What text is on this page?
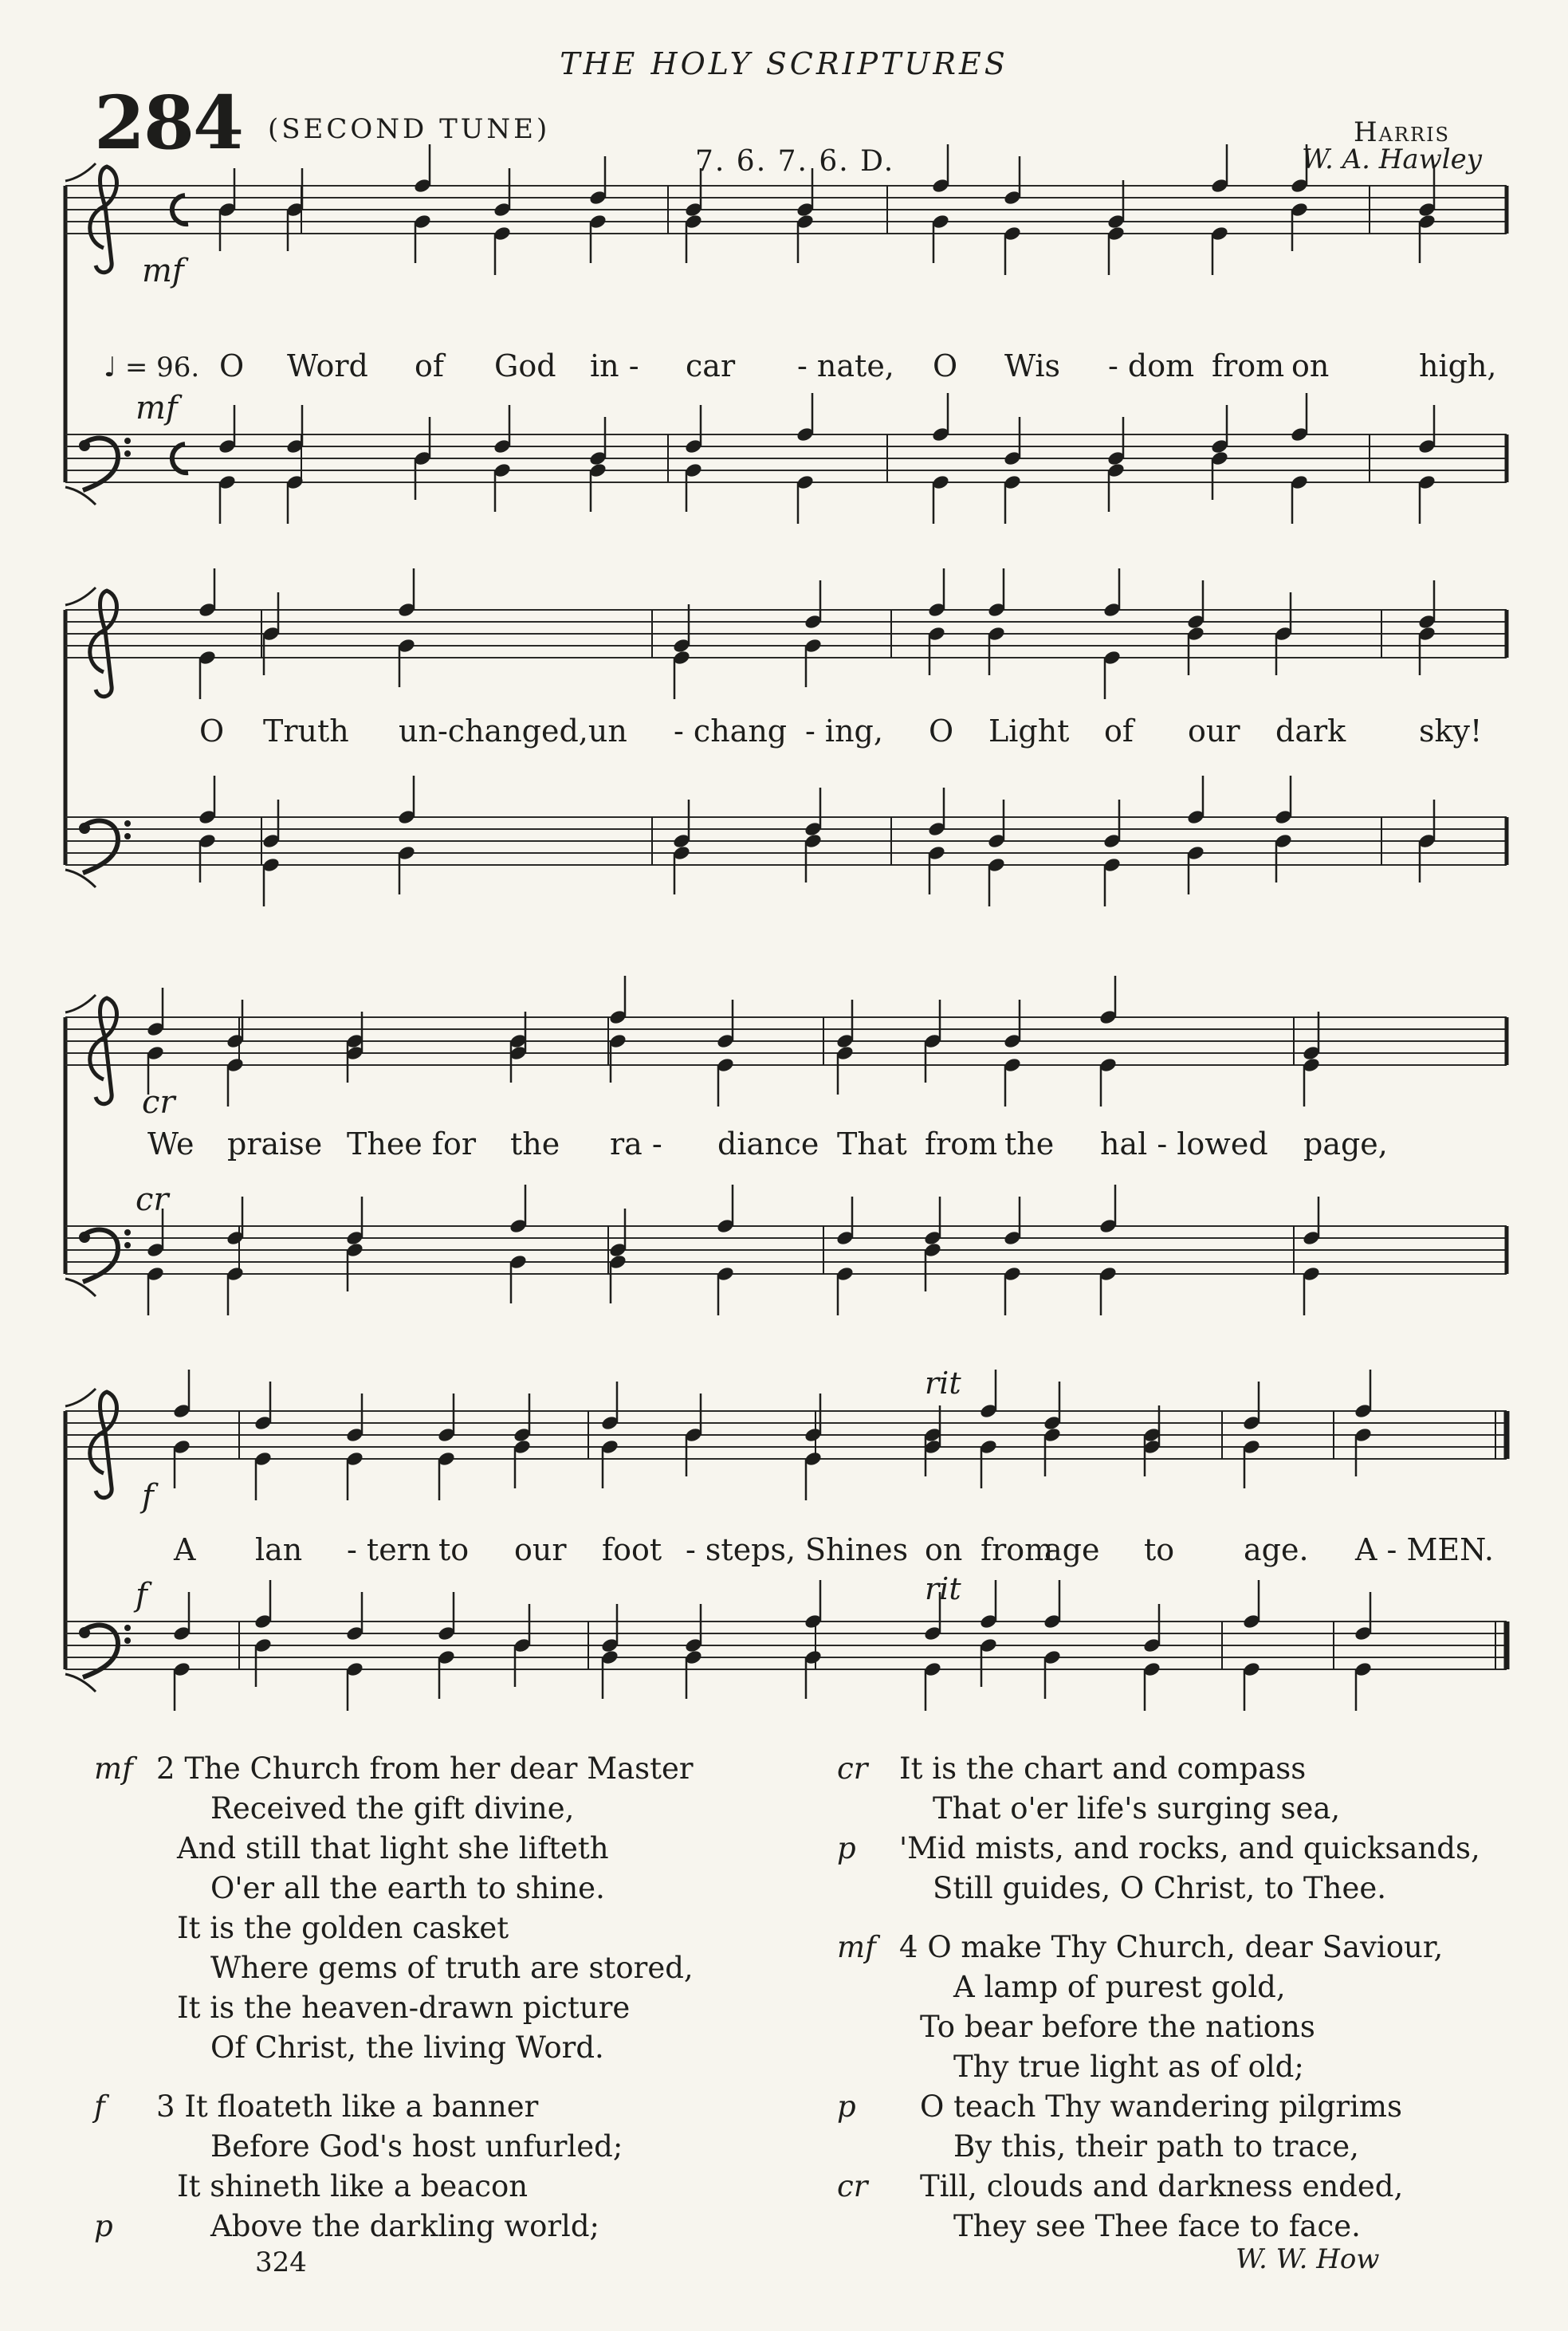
THE HOLY SCRIPTURES
284 (SECOND TUNE)
7. 6. 7. 6. D.
Harris
W. A. Hawley
O Word of God in - car - nate, O Wis - dom from on	high,
mf
mf
♩ = 96.
O Truth un-changed,un - chang - ing, O Light of our dark sky!
We praise Thee for the ra - diance That from the hal - lowed page,
cr
cr
A lan - tern to our foot - steps, Shines on from
age to age. A - MEN.
f
f
rit
rit
mf 2 The Church from her dear Master
Received the gift divine,
And still that light she lifteth
O'er all the earth to shine.
It is the golden casket
Where gems of truth are stored,
It is the heaven-drawn picture
Of Christ, the living Word.
f 3 It floateth like a banner
Before God's host unfurled;
It shineth like a beacon
p	Above the darkling world;
cr It is the chart and compass
That o'er life's surging sea,
p 'Mid mists, and rocks, and quicksands,
Still guides, O Christ, to Thee.
mf 4 O make Thy Church, dear Saviour,
A lamp of purest gold,
To bear before the nations
Thy true light as of old;
p O teach Thy wandering pilgrims
By this, their path to trace,
cr Till, clouds and darkness ended,
They see Thee face to face.
324	W. W. How
